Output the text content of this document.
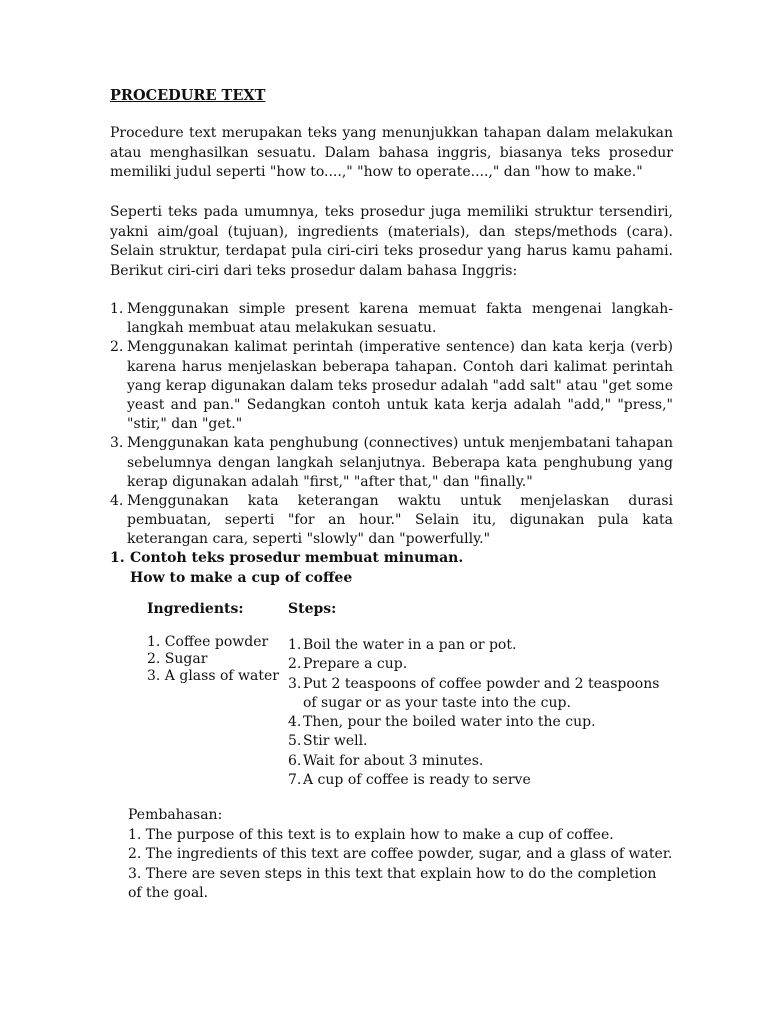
PROCEDURE TEXT

Procedure text merupakan teks yang menunjukkan tahapan dalam melakukan atau menghasilkan sesuatu. Dalam bahasa inggris, biasanya teks prosedur memiliki judul seperti "how to....," "how to operate....," dan "how to make."

Seperti teks pada umumnya, teks prosedur juga memiliki struktur tersendiri, yakni aim/goal (tujuan), ingredients (materials), dan steps/methods (cara). Selain struktur, terdapat pula ciri-ciri teks prosedur yang harus kamu pahami. Berikut ciri-ciri dari teks prosedur dalam bahasa Inggris:

1. Menggunakan simple present karena memuat fakta mengenai langkah-langkah membuat atau melakukan sesuatu.
2. Menggunakan kalimat perintah (imperative sentence) dan kata kerja (verb) karena harus menjelaskan beberapa tahapan. Contoh dari kalimat perintah yang kerap digunakan dalam teks prosedur adalah "add salt" atau "get some yeast and pan." Sedangkan contoh untuk kata kerja adalah "add," "press," "stir," dan "get."
3. Menggunakan kata penghubung (connectives) untuk menjembatani tahapan sebelumnya dengan langkah selanjutnya. Beberapa kata penghubung yang kerap digunakan adalah "first," "after that," dan "finally."
4. Menggunakan kata keterangan waktu untuk menjelaskan durasi pembuatan, seperti "for an hour." Selain itu, digunakan pula kata keterangan cara, seperti "slowly" dan "powerfully."
1. Contoh teks prosedur membuat minuman.
How to make a cup of coffee
Ingredients:	Steps:
1. Coffee powder
2. Sugar
3. A glass of water
1. Boil the water in a pan or pot.
2. Prepare a cup.
3. Put 2 teaspoons of coffee powder and 2 teaspoons of sugar or as your taste into the cup.
4. Then, pour the boiled water into the cup.
5. Stir well.
6. Wait for about 3 minutes.
7. A cup of coffee is ready to serve
Pembahasan:
1. The purpose of this text is to explain how to make a cup of coffee.
2. The ingredients of this text are coffee powder, sugar, and a glass of water.
3. There are seven steps in this text that explain how to do the completion of the goal.
